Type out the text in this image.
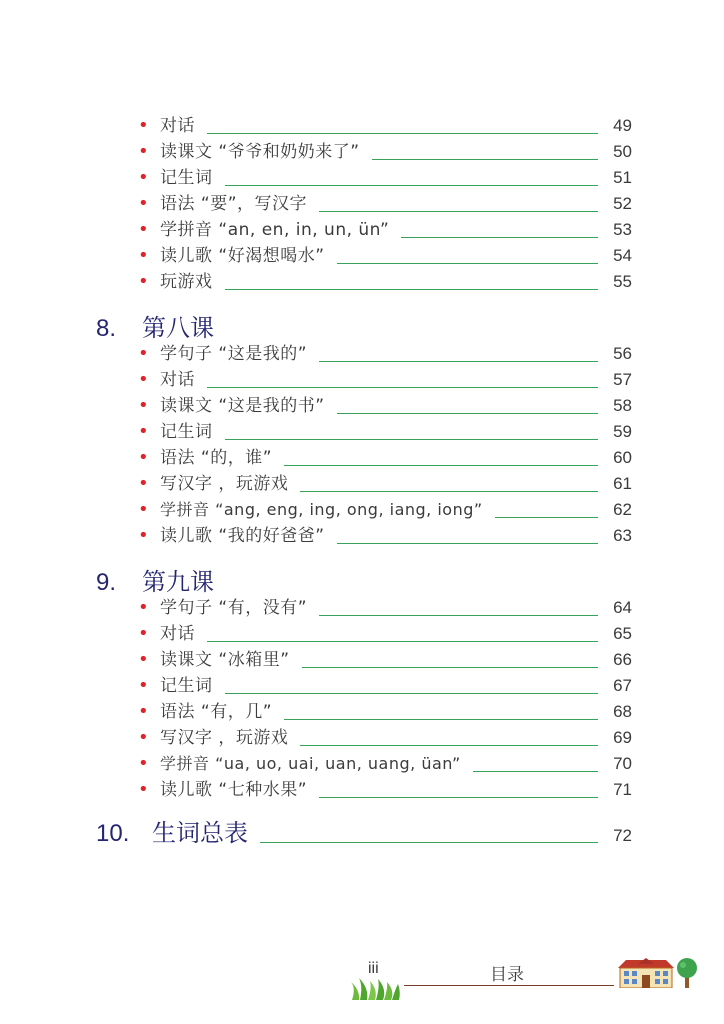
• 对话	49
• 读课文 “爷爷和奶奶来了”	50
• 记生词	51
• 语法 “要”，写汉字	52
• 学拼音 “an, en, in, un, ün”	53
• 读儿歌 “好渴想喝水”	54
• 玩游戏	55
8.	第八课
• 学句子 “这是我的”	56
• 对话	57
• 读课文 “这是我的书”	58
• 记生词	59
• 语法 “的，谁”	60
• 写汉字 ，玩游戏	61
• 学拼音 “ang, eng, ing, ong, iang, iong”	62
• 读儿歌 “我的好爸爸”	63
9.	第九课
• 学句子 “有，没有”	64
• 对话	65
• 读课文 “冰箱里”	66
• 记生词	67
• 语法 “有，几”	68
• 写汉字 ，玩游戏	69
• 学拼音 “ua, uo, uai, uan, uang, üan”	70
• 读儿歌 “七种水果”	71
10. 生词总表	72
iii	目录
